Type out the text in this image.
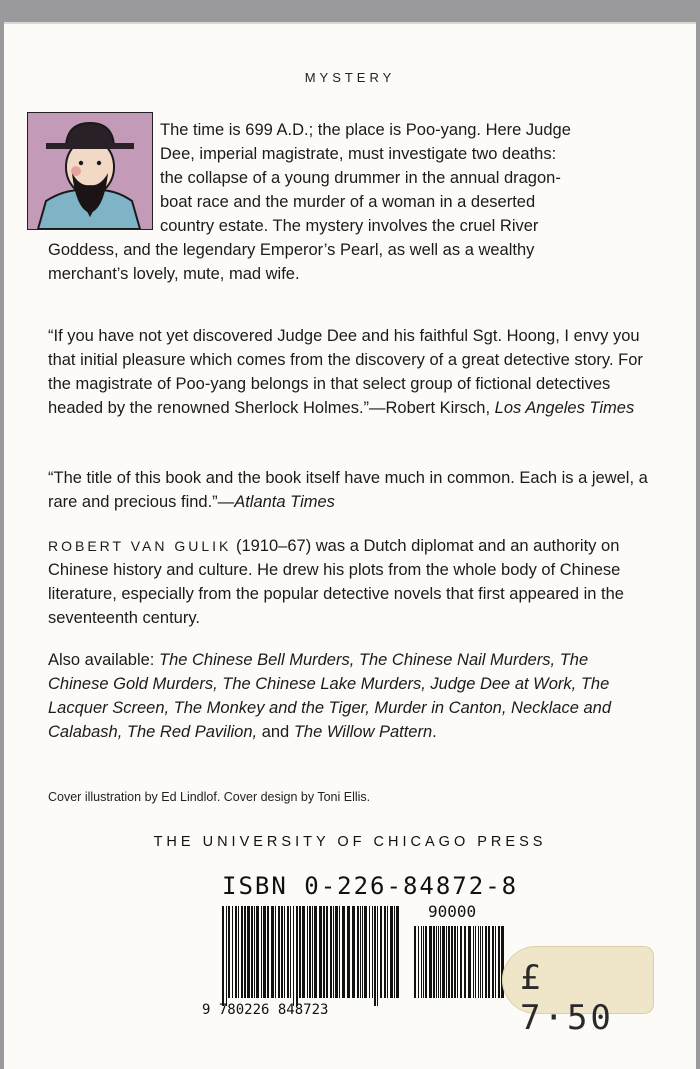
MYSTERY
The time is 699 A.D.; the place is Poo-yang. Here Judge
Dee, imperial magistrate, must investigate two deaths:
the collapse of a young drummer in the annual dragon-
boat race and the murder of a woman in a deserted
country estate. The mystery involves the cruel River
Goddess, and the legendary Emperor’s Pearl, as well as a wealthy
merchant’s lovely, mute, mad wife.
“If you have not yet discovered Judge Dee and his faithful Sgt. Hoong, I envy you that initial pleasure which comes from the discovery of a great detective story. For the magistrate of Poo-yang belongs in that select group of fictional detectives headed by the renowned Sherlock Holmes.”—Robert Kirsch, Los Angeles Times
“The title of this book and the book itself have much in common. Each is a jewel, a rare and precious find.”—Atlanta Times
ROBERT VAN GULIK (1910–67) was a Dutch diplomat and an authority on Chinese history and culture. He drew his plots from the whole body of Chinese literature, especially from the popular detective novels that first appeared in the seventeenth century.
Also available: The Chinese Bell Murders, The Chinese Nail Murders, The Chinese Gold Murders, The Chinese Lake Murders, Judge Dee at Work, The Lacquer Screen, The Monkey and the Tiger, Murder in Canton, Necklace and Calabash, The Red Pavilion, and The Willow Pattern.
Cover illustration by Ed Lindlof. Cover design by Toni Ellis.
THE UNIVERSITY OF CHICAGO PRESS
ISBN 0-226-84872-8
9 780226 848723
90000
£ 7·50
